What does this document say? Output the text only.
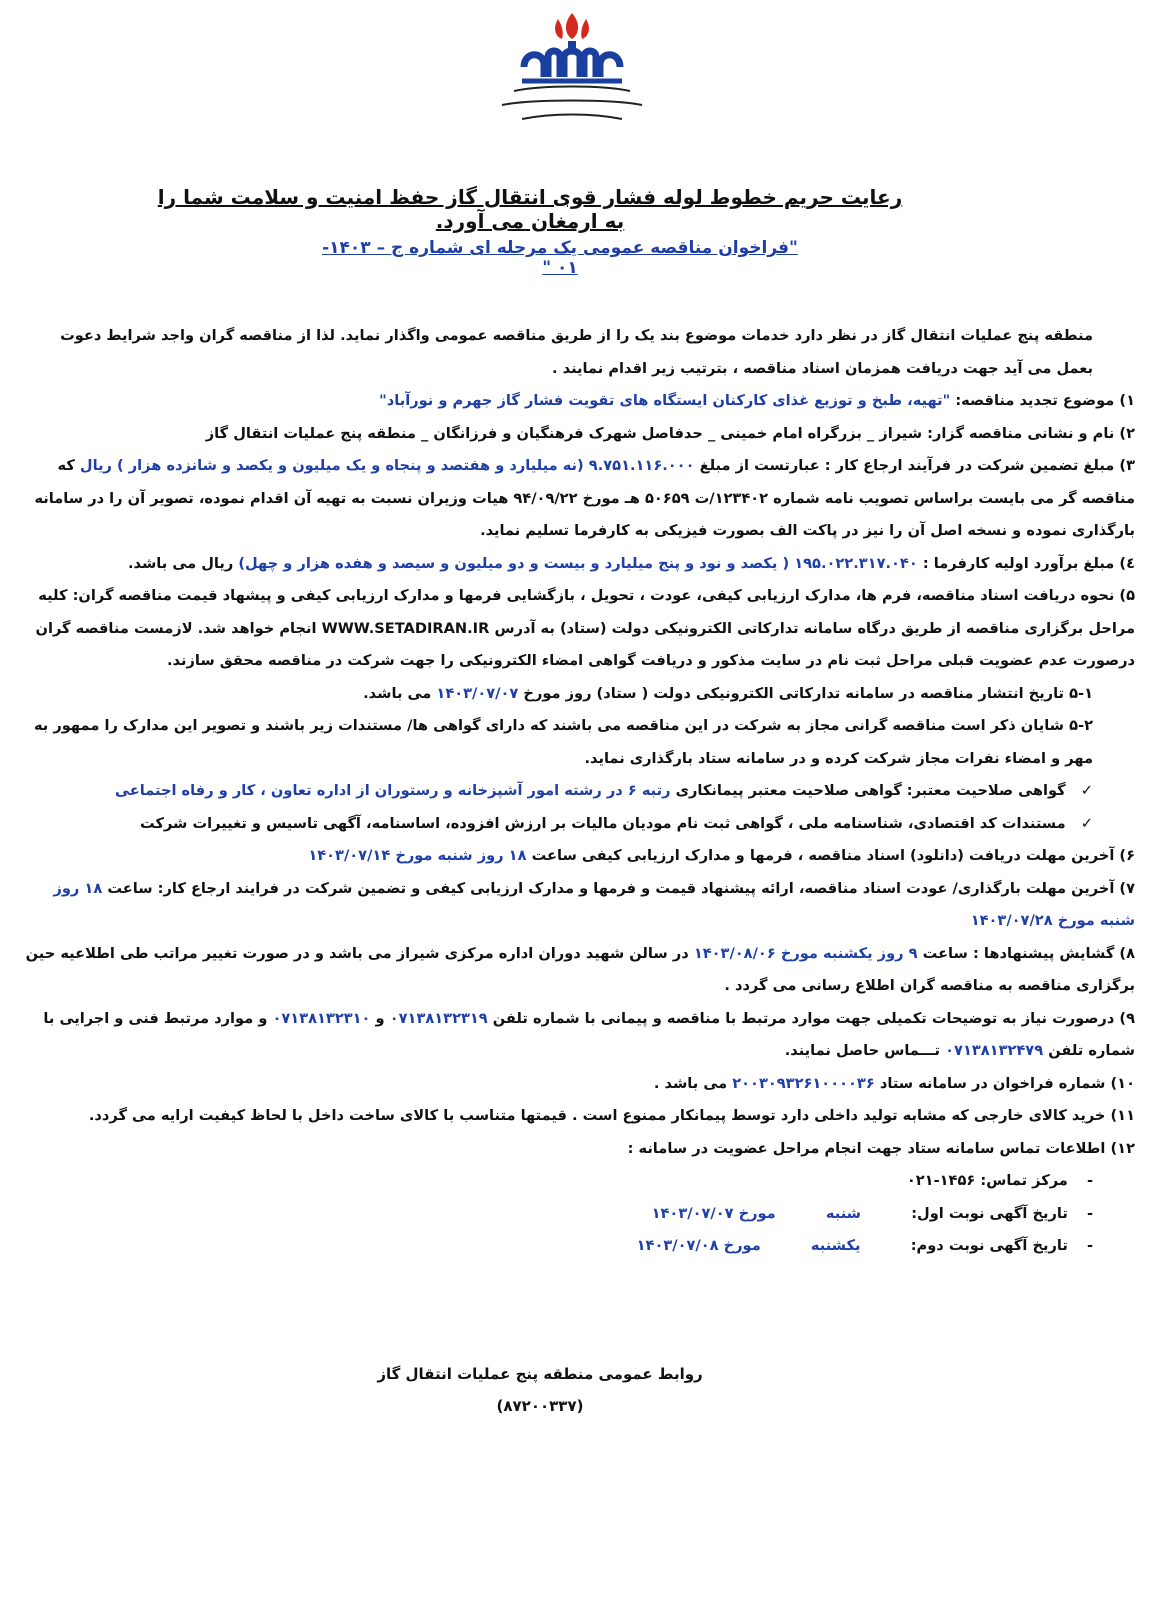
رعایت حریم خطوط لوله فشار قوی انتقال گاز حفظ امنیت و سلامت شما را به ارمغان می آورد.
"فراخوان مناقصه عمومی یک مرحله ای شماره ج – ۱۴۰۳- ۰۱ "

منطقه پنج عملیات انتقال گاز در نظر دارد خدمات موضوع بند یک را از طریق مناقصه عمومی واگذار نماید. لذا از مناقصه گران واجد شرایط دعوت بعمل می آید جهت دریافت همزمان اسناد مناقصه ، بترتیب زیر اقدام نمایند .

۱) موضوع تجدید مناقصه: "تهیه، طبخ و توزیع غذای کارکنان ایستگاه های تقویت فشار گاز جهرم و نورآباد"

۲) نام و نشانی مناقصه گزار: شیراز _ بزرگراه امام خمینی _ حدفاصل شهرک فرهنگیان و فرزانگان _ منطقه پنج عملیات انتقال گاز

۳) مبلغ تضمین شرکت در فرآیند ارجاع کار : عبارتست از مبلغ ۹.۷۵۱.۱۱۶.۰۰۰ (نه میلیارد و هفتصد و پنجاه و یک میلیون و یکصد و شانزده هزار ) ریال که مناقصه گر می بایست براساس تصویب نامه شماره ۱۲۳۴۰۲/ت ۵۰۶۵۹ هـ مورخ ۹۴/۰۹/۲۲ هیات وزیران نسبت به تهیه آن اقدام نموده، تصویر آن را در سامانه بارگذاری نموده و نسخه اصل آن را نیز در پاکت الف بصورت فیزیکی به کارفرما تسلیم نماید.

٤) مبلغ برآورد اولیه کارفرما : ۱۹۵.۰۲۲.۳۱۷.۰۴۰ ( یکصد و نود و پنج میلیارد و بیست و دو میلیون و سیصد و هفده هزار و چهل) ریال می باشد.

۵) نحوه دریافت اسناد مناقصه، فرم ها، مدارک ارزیابی کیفی، عودت ، تحویل ، بازگشایی فرمها و مدارک ارزیابی کیفی و پیشهاد قیمت مناقصه گران: کلیه مراحل برگزاری مناقصه از طریق درگاه سامانه تدارکاتی الکترونیکی دولت (ستاد) به آدرس WWW.SETADIRAN.IR انجام خواهد شد. لازمست مناقصه گران درصورت عدم عضویت قبلی مراحل ثبت نام در سایت مذکور و دریافت گواهی امضاء الکترونیکی را جهت شرکت در مناقصه محقق سازند.

۵-۱ تاریخ انتشار مناقصه در سامانه تدارکاتی الکترونیکی دولت ( ستاد) روز مورخ ۱۴۰۳/۰۷/۰۷ می باشد.

۵-۲ شایان ذکر است مناقصه گرانی مجاز به شرکت در این مناقصه می باشند که دارای گواهی ها/ مستندات زیر باشند و تصویر این مدارک را ممهور به مهر و امضاء نفرات مجاز شرکت کرده و در سامانه ستاد بارگذاری نماید.

✓ گواهی صلاحیت معتبر: گواهی صلاحیت معتبر پیمانکاری رتبه ۶ در رشته امور آشپزخانه و رستوران از اداره تعاون ، کار و رفاه اجتماعی

✓ مستندات کد اقتصادی، شناسنامه ملی ، گواهی ثبت نام مودیان مالیات بر ارزش افزوده، اساسنامه، آگهی تاسیس و تغییرات شرکت

۶) آخرین مهلت دریافت (دانلود) اسناد مناقصه ، فرمها و مدارک ارزیابی کیفی ساعت ۱۸ روز شنبه مورخ ۱۴۰۳/۰۷/۱۴

۷) آخرین مهلت بارگذاری/ عودت اسناد مناقصه، ارائه پیشنهاد قیمت و فرمها و مدارک ارزیابی کیفی و تضمین شرکت در فرایند ارجاع کار: ساعت ۱۸ روز شنبه مورخ ۱۴۰۳/۰۷/۲۸

۸) گشایش پیشنهادها : ساعت ۹ روز یکشنبه مورخ ۱۴۰۳/۰۸/۰۶ در سالن شهید دوران اداره مرکزی شیراز می باشد و در صورت تغییر مراتب طی اطلاعیه حین برگزاری مناقصه به مناقصه گران اطلاع رسانی می گردد .

۹) درصورت نیاز به توضیحات تکمیلی جهت موارد مرتبط با مناقصه و پیمانی با شماره تلفن ۰۷۱۳۸۱۳۲۳۱۹ و ۰۷۱۳۸۱۳۲۳۱۰ و موارد مرتبط فنی و اجرایی با شماره تلفن ۰۷۱۳۸۱۳۲۴۷۹ تـــماس حاصل نمایند.

۱۰) شماره فراخوان در سامانه ستاد ۲۰۰۳۰۹۳۲۶۱۰۰۰۰۳۶ می باشد .

۱۱) خرید کالای خارجی که مشابه تولید داخلی دارد توسط پیمانکار ممنوع است . قیمتها متناسب با کالای ساخت داخل با لحاظ کیفیت ارایه می گردد.

۱۲) اطلاعات تماس سامانه ستاد جهت انجام مراحل عضویت در سامانه :

- مرکز تماس: ۱۴۵۶-۰۲۱

- تاریخ آگهی نوبت اول:  شنبه  مورخ ۱۴۰۳/۰۷/۰۷

- تاریخ آگهی نوبت دوم:  یکشنبه  مورخ ۱۴۰۳/۰۷/۰۸

روابط عمومی منطقه پنج عملیات انتقال گاز
(۸۷۲۰۰۳۳۷)
